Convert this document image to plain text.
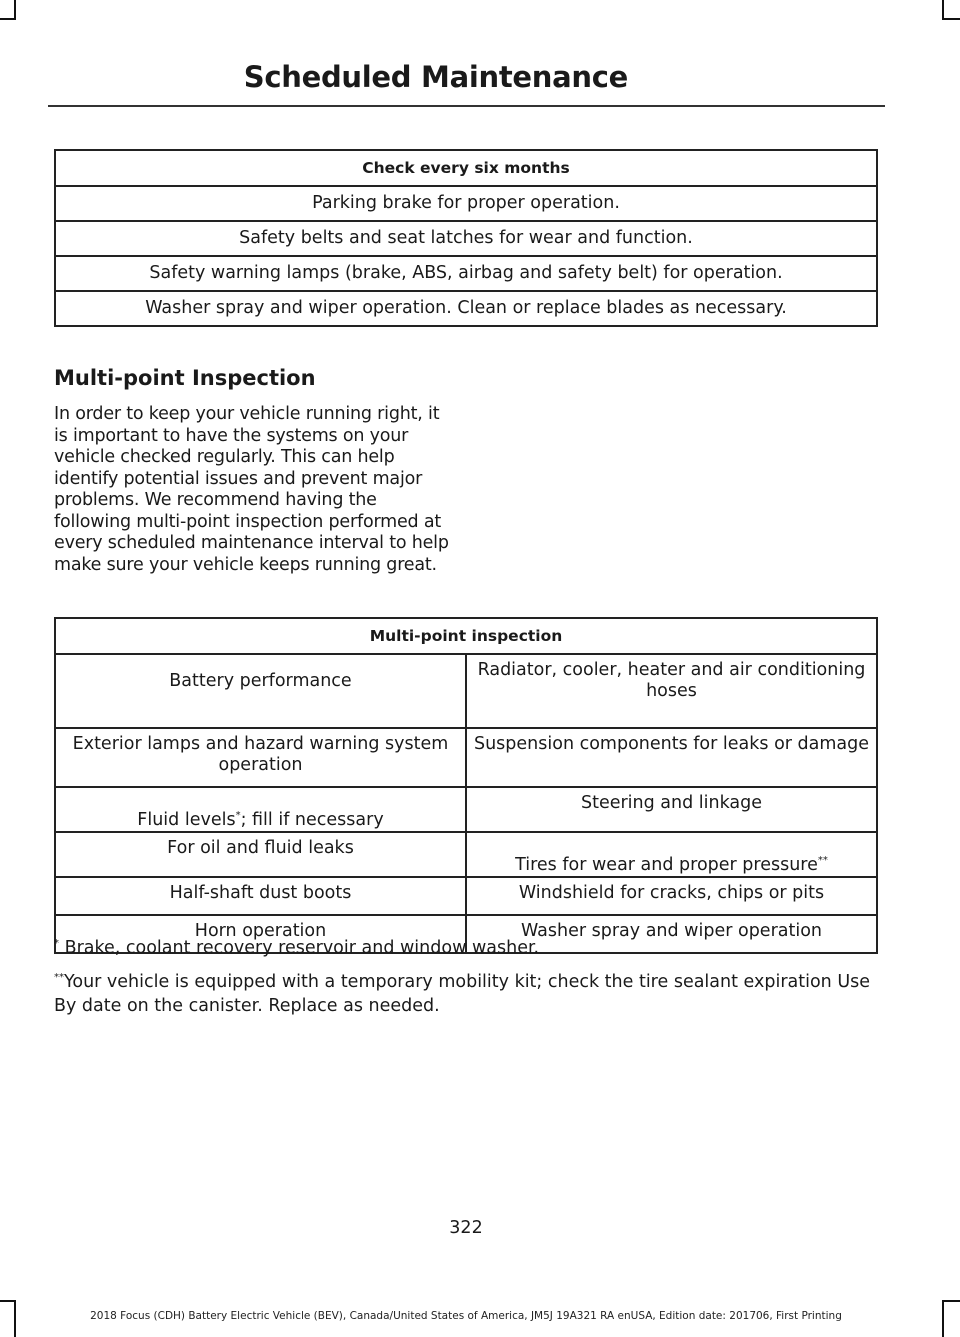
Scheduled Maintenance
Check every six months
Parking brake for proper operation.
Safety belts and seat latches for wear and function.
Safety warning lamps (brake, ABS, airbag and safety belt) for operation.
Washer spray and wiper operation. Clean or replace blades as necessary.
Multi-point Inspection
In order to keep your vehicle running right, it is important to have the systems on your vehicle checked regularly. This can help identify potential issues and prevent major problems. We recommend having the following multi-point inspection performed at every scheduled maintenance interval to help make sure your vehicle keeps running great.
Multi-point inspection	
Battery performance	Radiator, cooler, heater and air conditioning hoses
Exterior lamps and hazard warning system operation	Suspension components for leaks or damage
Fluid levels*; fill if necessary	Steering and linkage
For oil and fluid leaks	Tires for wear and proper pressure**
Half-shaft dust boots	Windshield for cracks, chips or pits
Horn operation	Washer spray and wiper operation
* Brake, coolant recovery reservoir and window washer.
**Your vehicle is equipped with a temporary mobility kit; check the tire sealant expiration Use By date on the canister. Replace as needed.
322
2018 Focus (CDH) Battery Electric Vehicle (BEV), Canada/United States of America, JM5J 19A321 RA enUSA, Edition date: 201706, First Printing
